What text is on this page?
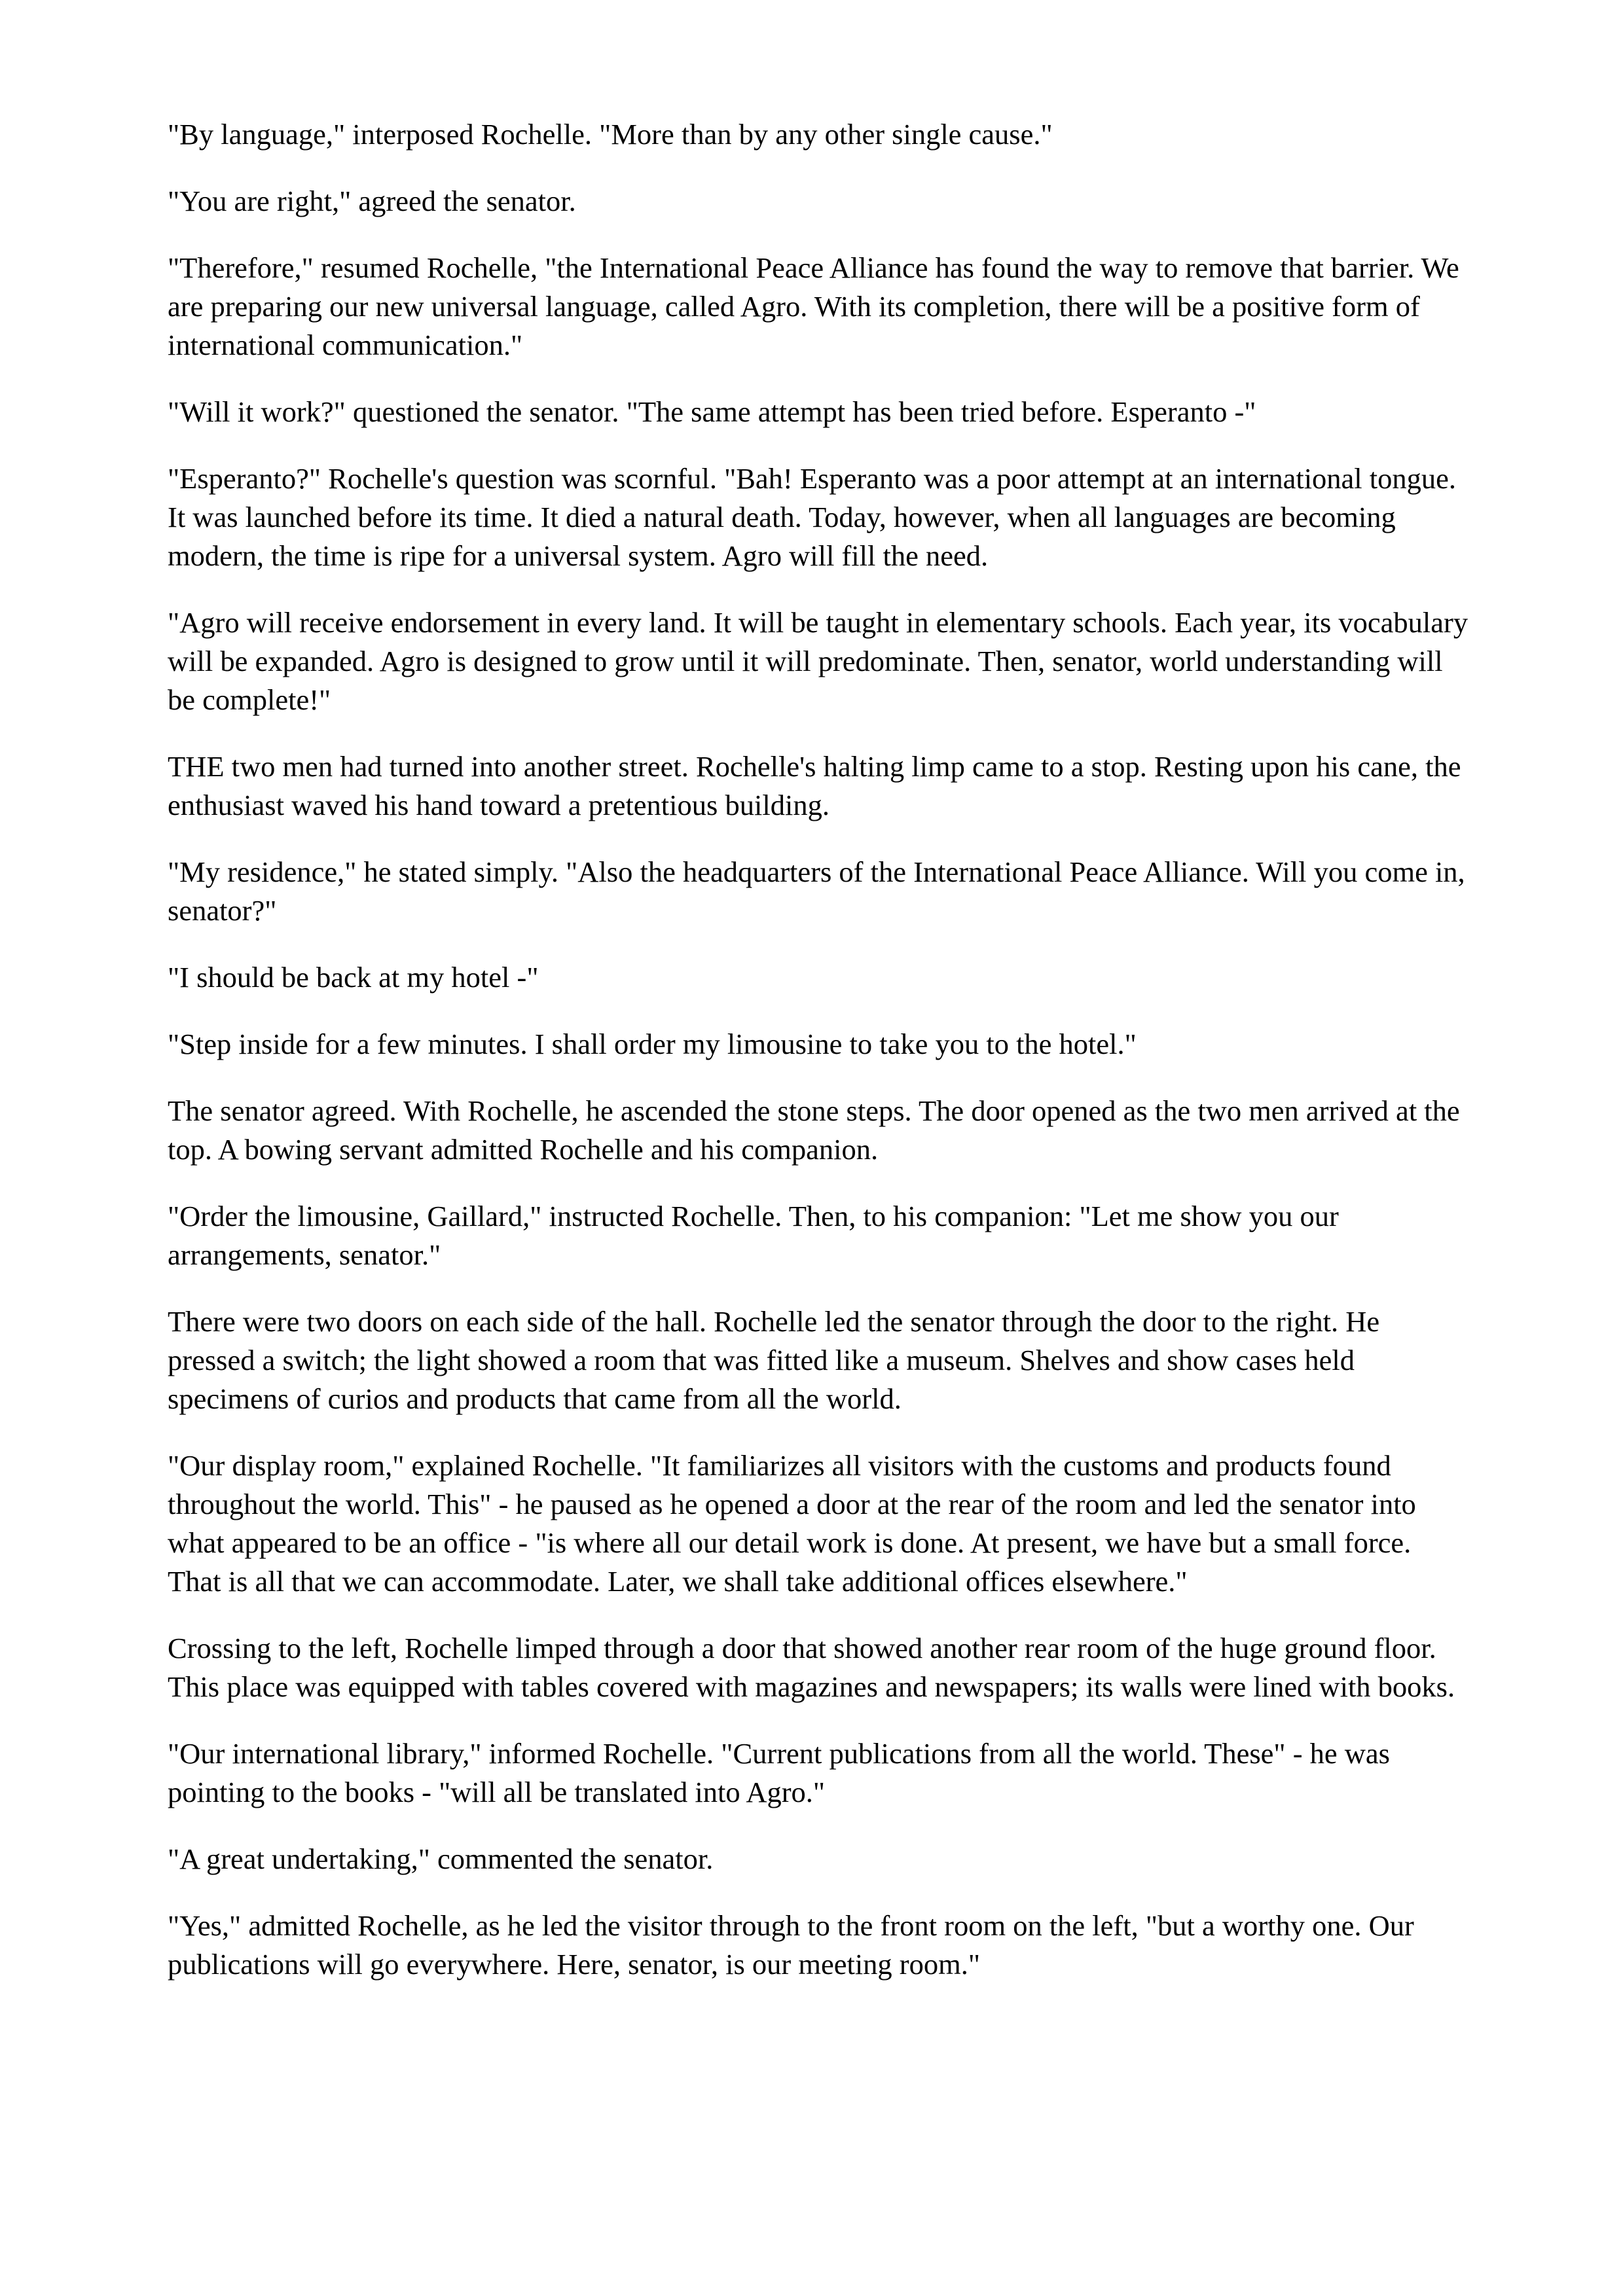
"By language," interposed Rochelle. "More than by any other single cause."

"You are right," agreed the senator.

"Therefore," resumed Rochelle, "the International Peace Alliance has found the way to remove that barrier. We are preparing our new universal language, called Agro. With its completion, there will be a positive form of international communication."

"Will it work?" questioned the senator. "The same attempt has been tried before. Esperanto -"

"Esperanto?" Rochelle's question was scornful. "Bah! Esperanto was a poor attempt at an international tongue. It was launched before its time. It died a natural death. Today, however, when all languages are becoming modern, the time is ripe for a universal system. Agro will fill the need.

"Agro will receive endorsement in every land. It will be taught in elementary schools. Each year, its vocabulary will be expanded. Agro is designed to grow until it will predominate. Then, senator, world understanding will be complete!"

THE two men had turned into another street. Rochelle's halting limp came to a stop. Resting upon his cane, the enthusiast waved his hand toward a pretentious building.

"My residence," he stated simply. "Also the headquarters of the International Peace Alliance. Will you come in, senator?"

"I should be back at my hotel -"

"Step inside for a few minutes. I shall order my limousine to take you to the hotel."

The senator agreed. With Rochelle, he ascended the stone steps. The door opened as the two men arrived at the top. A bowing servant admitted Rochelle and his companion.

"Order the limousine, Gaillard," instructed Rochelle. Then, to his companion: "Let me show you our arrangements, senator."

There were two doors on each side of the hall. Rochelle led the senator through the door to the right. He pressed a switch; the light showed a room that was fitted like a museum. Shelves and show cases held specimens of curios and products that came from all the world.

"Our display room," explained Rochelle. "It familiarizes all visitors with the customs and products found throughout the world. This" - he paused as he opened a door at the rear of the room and led the senator into what appeared to be an office - "is where all our detail work is done. At present, we have but a small force. That is all that we can accommodate. Later, we shall take additional offices elsewhere."

Crossing to the left, Rochelle limped through a door that showed another rear room of the huge ground floor. This place was equipped with tables covered with magazines and newspapers; its walls were lined with books.

"Our international library," informed Rochelle. "Current publications from all the world. These" - he was pointing to the books - "will all be translated into Agro."

"A great undertaking," commented the senator.

"Yes," admitted Rochelle, as he led the visitor through to the front room on the left, "but a worthy one. Our publications will go everywhere. Here, senator, is our meeting room."
